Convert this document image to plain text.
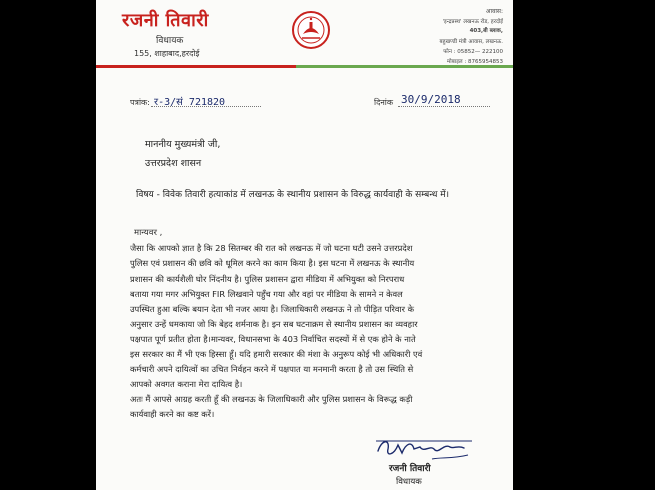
रजनी तिवारी
विधायक
155, शाहाबाद,हरदोई
आवास:
'इन्द्रप्रस्थ' लखनऊ रोड, हरदोई
403,बी ब्लाक,
बहुखण्डी मंत्री आवास, लखनऊ.
फोन : 05852— 222100
मोबाइल : 8765954853
पत्रांक: र-3/सं 721820	दिनांक 30/9/2018
माननीय मुख्यमंत्री जी,
उत्तरप्रदेश शासन
विषय - विवेक तिवारी हत्याकांड में लखनऊ के स्थानीय प्रशासन के विरुद्ध कार्यवाही के सम्बन्ध में।
मान्यवर ,
जैसा कि आपको ज्ञात है कि 28 सितम्बर की रात को लखनऊ में जो घटना घटी उसने उत्तरप्रदेश
पुलिस एवं प्रशासन की छवि को धूमिल करने का काम किया है। इस घटना में लखनऊ के स्थानीय
प्रशासन की कार्यशैली घोर निंदनीय है। पुलिस प्रशासन द्वारा मीडिया में अभियुक्त को निरपराध
बताया गया मगर अभियुक्त FIR लिखवाने पहुँच गया और वहां पर मीडिया के सामने न केवल
उपस्थित हुआ बल्कि बयान देता भी नजर आया है। जिलाधिकारी लखनऊ ने तो पीड़ित परिवार के
अनुसार उन्हें धमकाया जो कि बेहद शर्मनाक है। इन सब घटनाक्रम से स्थानीय प्रशासन का व्यवहार
पक्षपात पूर्ण प्रतीत होता है।मान्यवर, विधानसभा के 403 निर्वाचित सदस्यों में से एक होने के नाते
इस सरकार का मैं भी एक हिस्सा हूँ। यदि हमारी सरकार की मंशा के अनुरूप कोई भी अधिकारी एवं
कर्मचारी अपने दायित्वों का उचित निर्वहन करने में पक्षपात या मनमानी करता है तो उस स्थिति से
आपको अवगत कराना मेरा दायित्व है।
अतः मैं आपसे आग्रह करती हूँ की लखनऊ के जिलाधिकारी और पुलिस प्रशासन के विरूद्ध कड़ी
कार्यवाही करने का कष्ट करें।
रजनी तिवारी
विधायक
